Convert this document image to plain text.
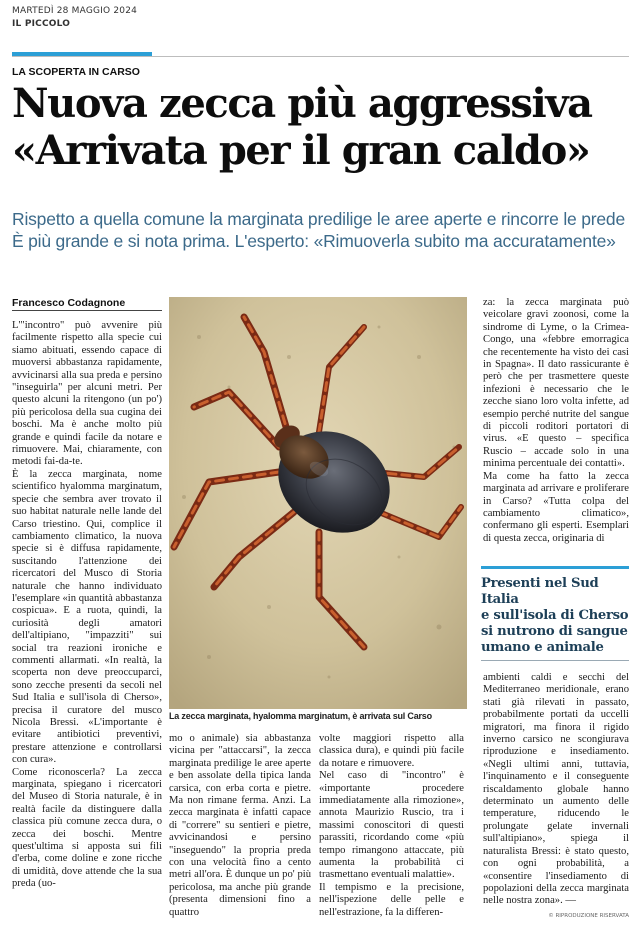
MARTEDÌ 28 MAGGIO 2024
IL PICCOLO
LA SCOPERTA IN CARSO
Nuova zecca più aggressiva
«Arrivata per il gran caldo»
Rispetto a quella comune la marginata predilige le aree aperte e rincorre le prede
È più grande e si nota prima. L'esperto: «Rimuoverla subito ma accuratamente»
Francesco Codagnone
L'"incontro" può avvenire più facilmente rispetto alla specie cui siamo abituati, essendo capace di muoversi abbastanza rapidamente, avvicinarsi alla sua preda e persino "inseguirla" per alcuni metri. Per questo alcuni la ritengono (un po') più pericolosa della sua cugina dei boschi. Ma è anche molto più grande e quindi facile da notare e rimuovere. Mai, chiaramente, con metodi fai-da-te.
È la zecca marginata, nome scientifico hyalomma marginatum, specie che sembra aver trovato il suo habitat naturale nelle lande del Carso triestino. Qui, complice il cambiamento climatico, la nuova specie si è diffusa rapidamente, suscitando l'attenzione dei ricercatori del Musco di Storia naturale che hanno individuato l'esemplare «in quantità abbastanza cospicua». E a ruota, quindi, la curiosità degli amatori dell'altipiano, "impazziti" sui social tra reazioni ironiche e commenti allarmati. «In realtà, la scoperta non deve preoccuparci, sono zecche presenti da secoli nel Sud Italia e sull'isola di Cherso», precisa il curatore del musco Nicola Bressi. «L'importante è evitare antibiotici preventivi, prestare attenzione e controllarsi con cura».
Come riconoscerla? La zecca marginata, spiegano i ricercatori del Museo di Storia naturale, è in realtà facile da distinguere dalla classica più comune zecca dura, o zecca dei boschi. Mentre quest'ultima si apposta sui fili d'erba, come doline e zone ricche di umidità, dove attende che la sua preda (uo-
La zecca marginata, hyalomma marginatum, è arrivata sul Carso
mo o animale) sia abbastanza vicina per "attaccarsi", la zecca marginata predilige le aree aperte e ben assolate della tipica landa carsica, con erba corta e pietre. Ma non rimane ferma. Anzi. La zecca marginata è infatti capace di "correre" su sentieri e pietre, avvicinandosi e persino "inseguendo" la propria preda con una velocità fino a cento metri all'ora. È dunque un po' più pericolosa, ma anche più grande (presenta dimensioni fino a quattro
volte maggiori rispetto alla classica dura), e quindi più facile da notare e rimuovere.
Nel caso di "incontro" è «importante procedere immediatamente alla rimozione», annota Maurizio Ruscio, tra i massimi conoscitori di questi parassiti, ricordando come «più tempo rimangono attaccate, più aumenta la probabilità ci trasmettano eventuali malattie».
Il tempismo e la precisione, nell'ispezione delle pelle e nell'estrazione, fa la differen-
za: la zecca marginata può veicolare gravi zoonosi, come la sindrome di Lyme, o la Crimea-Congo, una «febbre emorragica che recentemente ha visto dei casi in Spagna». Il dato rassicurante è però che per trasmettere queste infezioni è necessario che le zecche siano loro volta infette, ad esempio perché nutrite del sangue di piccoli roditori portatori di virus. «E questo – specifica Ruscio – accade solo in una minima percentuale dei contatti».
Ma come ha fatto la zecca marginata ad arrivare e proliferare in Carso? «Tutta colpa del cambiamento climatico», confermano gli esperti. Esemplari di questa zecca, originaria di
Presenti nel Sud Italia
e sull'isola di Cherso
si nutrono di sangue
umano e animale
ambienti caldi e secchi del Mediterraneo meridionale, erano stati già rilevati in passato, probabilmente portati da uccelli migratori, ma finora il rigido inverno carsico ne scongiurava riproduzione e insediamento. «Negli ultimi anni, tuttavia, l'inquinamento e il conseguente riscaldamento globale hanno determinato un aumento delle temperature, riducendo le prolungate gelate invernali sull'altipiano», spiega il naturalista Bressi: è stato questo, con ogni probabilità, a «consentire l'insediamento di popolazioni della zecca marginata nelle nostra zona». —
© RIPRODUZIONE RISERVATA
